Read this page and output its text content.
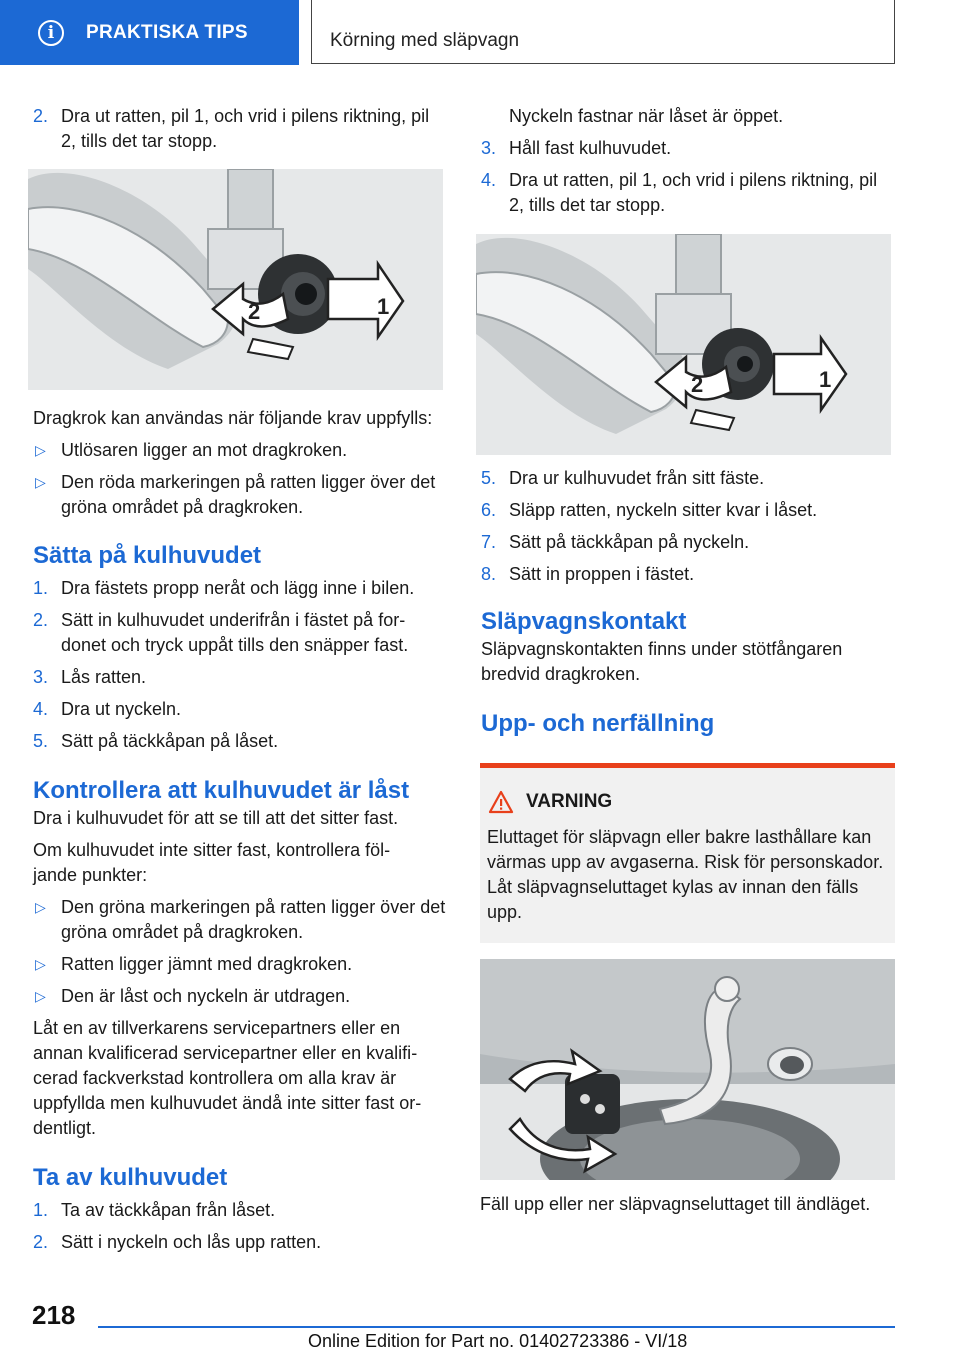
i	PRAKTISKA TIPS	Körning med släpvagn
2. Dra ut ratten, pil 1, och vrid i pilens riktning, pil 2, tills det tar stopp.

1
2

Dragkrok kan användas när följande krav uppfylls:

▷ Utlösaren ligger an mot dragkroken.

▷ Den röda markeringen på ratten ligger över det gröna området på dragkroken.

Sätta på kulhuvudet

1. Dra fästets propp neråt och lägg inne i bilen.

2. Sätt in kulhuvudet underifrån i fästet på fordonet och tryck uppåt tills den snäpper fast.

3. Lås ratten.

4. Dra ut nyckeln.

5. Sätt på täckkåpan på låset.

Kontrollera att kulhuvudet är låst

Dra i kulhuvudet för att se till att det sitter fast.

Om kulhuvudet inte sitter fast, kontrollera följande punkter:

▷ Den gröna markeringen på ratten ligger över det gröna området på dragkroken.

▷ Ratten ligger jämnt med dragkroken.

▷ Den är låst och nyckeln är utdragen.

Låt en av tillverkarens servicepartners eller en annan kvalificerad servicepartner eller en kvalificerad fackverkstad kontrollera om alla krav är uppfyllda men kulhuvudet ändå inte sitter fast ordentligt.

Ta av kulhuvudet

1. Ta av täckkåpan från låset.

2. Sätt i nyckeln och lås upp ratten.

Nyckeln fastnar när låset är öppet.

3. Håll fast kulhuvudet.

4. Dra ut ratten, pil 1, och vrid i pilens riktning, pil 2, tills det tar stopp.

1
2
5. Dra ur kulhuvudet från sitt fäste.

6. Släpp ratten, nyckeln sitter kvar i låset.

7. Sätt på täckkåpan på nyckeln.

8. Sätt in proppen i fästet.

Släpvagnskontakt

Släpvagnskontakten finns under stötfångaren bredvid dragkroken.

Upp- och nerfällning

VARNING

Eluttaget för släpvagn eller bakre lasthållare kan värmas upp av avgaserna. Risk för personskador. Låt släpvagnseluttaget kylas av innan den fälls upp.

Fäll upp eller ner släpvagnseluttaget till ändläget.

218
Online Edition for Part no. 01402723386 - VI/18
